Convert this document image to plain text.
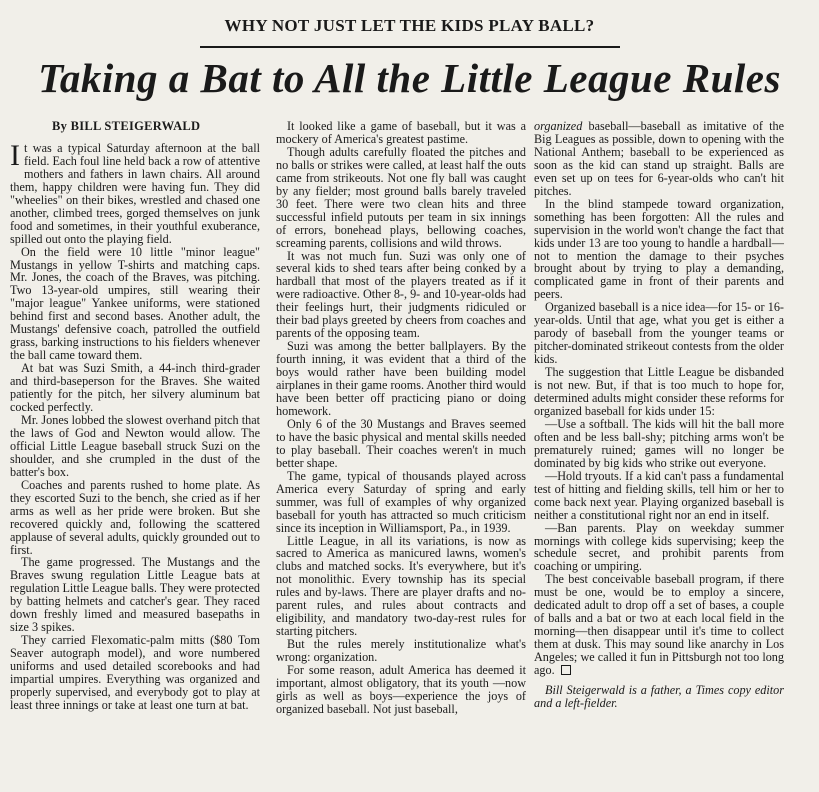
WHY NOT JUST LET THE KIDS PLAY BALL?
Taking a Bat to All the Little League Rules

By BILL STEIGERWALD

It was a typical Saturday afternoon at the ball field. Each foul line held back a row of attentive mothers and fathers in lawn chairs. All around them, happy children were having fun. They did "wheelies" on their bikes, wrestled and chased one another, climbed trees, gorged themselves on junk food and sometimes, in their youthful exuberance, spilled out onto the playing field.

On the field were 10 little "minor league" Mustangs in yellow T-shirts and matching caps. Mr. Jones, the coach of the Braves, was pitching. Two 13-year-old umpires, still wearing their "major league" Yankee uniforms, were stationed behind first and second bases. Another adult, the Mustangs' defensive coach, patrolled the outfield grass, barking instructions to his fielders whenever the ball came toward them.

At bat was Suzi Smith, a 44-inch third-grader and third-baseperson for the Braves. She waited patiently for the pitch, her silvery aluminum bat cocked perfectly.

Mr. Jones lobbed the slowest overhand pitch that the laws of God and Newton would allow. The official Little League baseball struck Suzi on the shoulder, and she crumpled in the dust of the batter's box.

Coaches and parents rushed to home plate. As they escorted Suzi to the bench, she cried as if her arms as well as her pride were broken. But she recovered quickly and, following the scattered applause of several adults, quickly grounded out to first.

The game progressed. The Mustangs and the Braves swung regulation Little League bats at regulation Little League balls. They were protected by batting helmets and catcher's gear. They raced down freshly limed and measured basepaths in size 3 spikes.

They carried Flexomatic-palm mitts ($80 Tom Seaver autograph model), and wore numbered uniforms and used detailed scorebooks and had impartial umpires. Everything was organized and properly supervised, and everybody got to play at least three innings or take at least one turn at bat.

It looked like a game of baseball, but it was a mockery of America's greatest pastime.

Though adults carefully floated the pitches and no balls or strikes were called, at least half the outs came from strikeouts. Not one fly ball was caught by any fielder; most ground balls barely traveled 30 feet. There were two clean hits and three successful infield putouts per team in six innings of errors, bonehead plays, bellowing coaches, screaming parents, collisions and wild throws.

It was not much fun. Suzi was only one of several kids to shed tears after being conked by a hardball that most of the players treated as if it were radioactive. Other 8-, 9- and 10-year-olds had their feelings hurt, their judgments ridiculed or their bad plays greeted by cheers from coaches and parents of the opposing team.

Suzi was among the better ballplayers. By the fourth inning, it was evident that a third of the boys would rather have been building model airplanes in their game rooms. Another third would have been better off practicing piano or doing homework.

Only 6 of the 30 Mustangs and Braves seemed to have the basic physical and mental skills needed to play baseball. Their coaches weren't in much better shape.

The game, typical of thousands played across America every Saturday of spring and early summer, was full of examples of why organized baseball for youth has attracted so much criticism since its inception in Williamsport, Pa., in 1939.

Little League, in all its variations, is now as sacred to America as manicured lawns, women's clubs and matched socks. It's everywhere, but it's not monolithic. Every township has its special rules and by-laws. There are player drafts and no-parent rules, and rules about contracts and eligibility, and mandatory two-day-rest rules for starting pitchers.

But the rules merely institutionalize what's wrong: organization.

For some reason, adult America has deemed it important, almost obligatory, that its youth —now girls as well as boys—experience the joys of organized baseball. Not just baseball,

organized baseball—baseball as imitative of the Big Leagues as possible, down to opening with the National Anthem; baseball to be experienced as soon as the kid can stand up straight. Balls are even set up on tees for 6-year-olds who can't hit pitches.

In the blind stampede toward organization, something has been forgotten: All the rules and supervision in the world won't change the fact that kids under 13 are too young to handle a hardball—not to mention the damage to their psyches brought about by trying to play a demanding, complicated game in front of their parents and peers.

Organized baseball is a nice idea—for 15- or 16-year-olds. Until that age, what you get is either a parody of baseball from the younger teams or pitcher-dominated strikeout contests from the older kids.

The suggestion that Little League be disbanded is not new. But, if that is too much to hope for, determined adults might consider these reforms for organized baseball for kids under 15:

—Use a softball. The kids will hit the ball more often and be less ball-shy; pitching arms won't be prematurely ruined; games will no longer be dominated by big kids who strike out everyone.

—Hold tryouts. If a kid can't pass a fundamental test of hitting and fielding skills, tell him or her to come back next year. Playing organized baseball is neither a constitutional right nor an end in itself.

—Ban parents. Play on weekday summer mornings with college kids supervising; keep the schedule secret, and prohibit parents from coaching or umpiring.

The best conceivable baseball program, if there must be one, would be to employ a sincere, dedicated adult to drop off a set of bases, a couple of balls and a bat or two at each local field in the morning—then disappear until it's time to collect them at dusk. This may sound like anarchy in Los Angeles; we called it fun in Pittsburgh not too long ago.

Bill Steigerwald is a father, a Times copy editor and a left-fielder.
